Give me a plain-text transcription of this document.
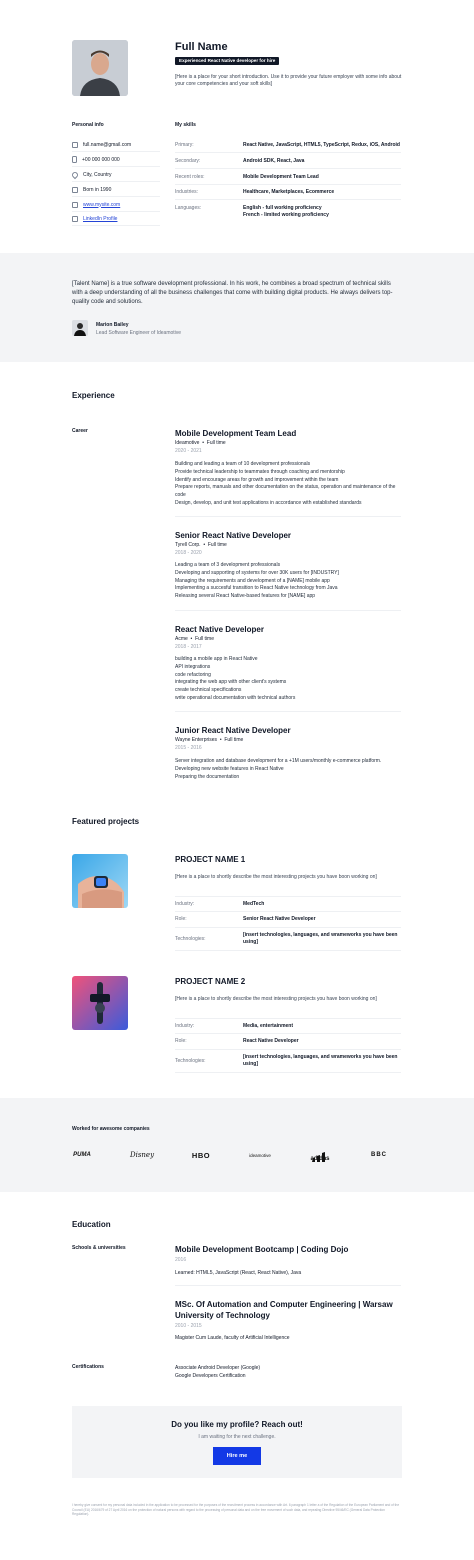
Full Name
Experienced React Native developer for hire
[Here is a place for your short introduction. Use it to provide your future employer with some info about your core competencies and your soft skills]
Personal info
full.name@gmail.com
+00 000 000 000
City, Country
Born in 1990
www.mysite.com
LinkedIn Profile
My skills
Primary:	React Native, JavaScript, HTML5, TypeScript, Redux, iOS, Android
Secondary:	Android SDK, React, Java
Recent roles:	Mobile Development Team Lead
Industries:	Healthcare, Marketplaces, Ecommerce
Languages:	English - full working proficiency
French - limited working proficiency
[Talent Name] is a true software development professional. In his work, he combines a broad spectrum of technical skills with a deep understanding of all the business challenges that come with building digital products. He always delivers top-quality code and solutions.
Marion Bailey
Lead Software Engineer of Ideamotive
Experience
Career	Mobile Development Team Lead
Ideamotive  •  Full time
2020 - 2021
Building and leading a team of 10 development professionals
Provide technical leadership to teammates through coaching and mentorship
Identify and encourage areas for growth and improvement within the team
Prepare reports, manuals and other documentation on the status, operation and maintenance of the code
Design, develop, and unit test applications in accordance with established standards
Senior React Native Developer
Tyrell Corp.  •  Full time
2018 - 2020
Leading a team of 3 development professionals
Developing and supporting of systems for over 30K users for [INDUSTRY]
Managing the requirements and development of a [NAME] mobile app
Implementing a succesful transition to React Native technology from Java
Releasing several React Native-based features for [NAME] app
React Native Developer
Acme  •  Full time
2018 - 2017
building a mobile app in React Native
API integrations
code refactoring
integrating the web app with other client's systems
create technical specifications
write operational documentation with technical authors
Junior React Native Developer
Wayne Enterprises  •  Full time
2015 - 2016
Server integration and database development for a +1M users/monthly e-commerce platform.
Developing new website features in React Native
Preparing the documentation
Featured projects
PROJECT NAME 1
[Here is a place to shortly describe the most interesting projects you have boon working on]
Industry:	MedTech
Role:	Senior React Native Developer
Technologies:
[insert technologies, languages, and wrameworks you have been using]
PROJECT NAME 2
[Here is a place to shortly describe the most interesting projects you have boon working on]
Industry:	Media, entertainment
Role:	React Native Developer
Technologies:
[insert technologies, languages, and wrameworks you have been using]
Worked for awesome companies
PUMA	Disney	HBO	ideamotive
adidas
BBC
Education
Schools & universities	Mobile Development Bootcamp | Coding Dojo
2016
Learned: HTML5, JavaScript (React, React Native), Java
MSc. Of Automation and Computer Engineering | Warsaw University of Technology
2010 - 2015
Magister Cum Laude, faculty of Artificial Intelligence
Certifications	Associate Android Developer (Google)
Google Developers Certification
Do you like my profile? Reach out!
I am waiting for the next challenge.
Hire me
I hereby give consent for my personal data included in the application to be processed for the purposes of the recruitment process in accordance with Art. 6 paragraph 1 letter a of the Regulation of the European Parliament and of the Council (EU) 2016/679 of 27 April 2016 on the protection of natural persons with regard to the processing of personal data and on the free movement of such data, and repealing Directive 95/46/EC (General Data Protection Regulation).
